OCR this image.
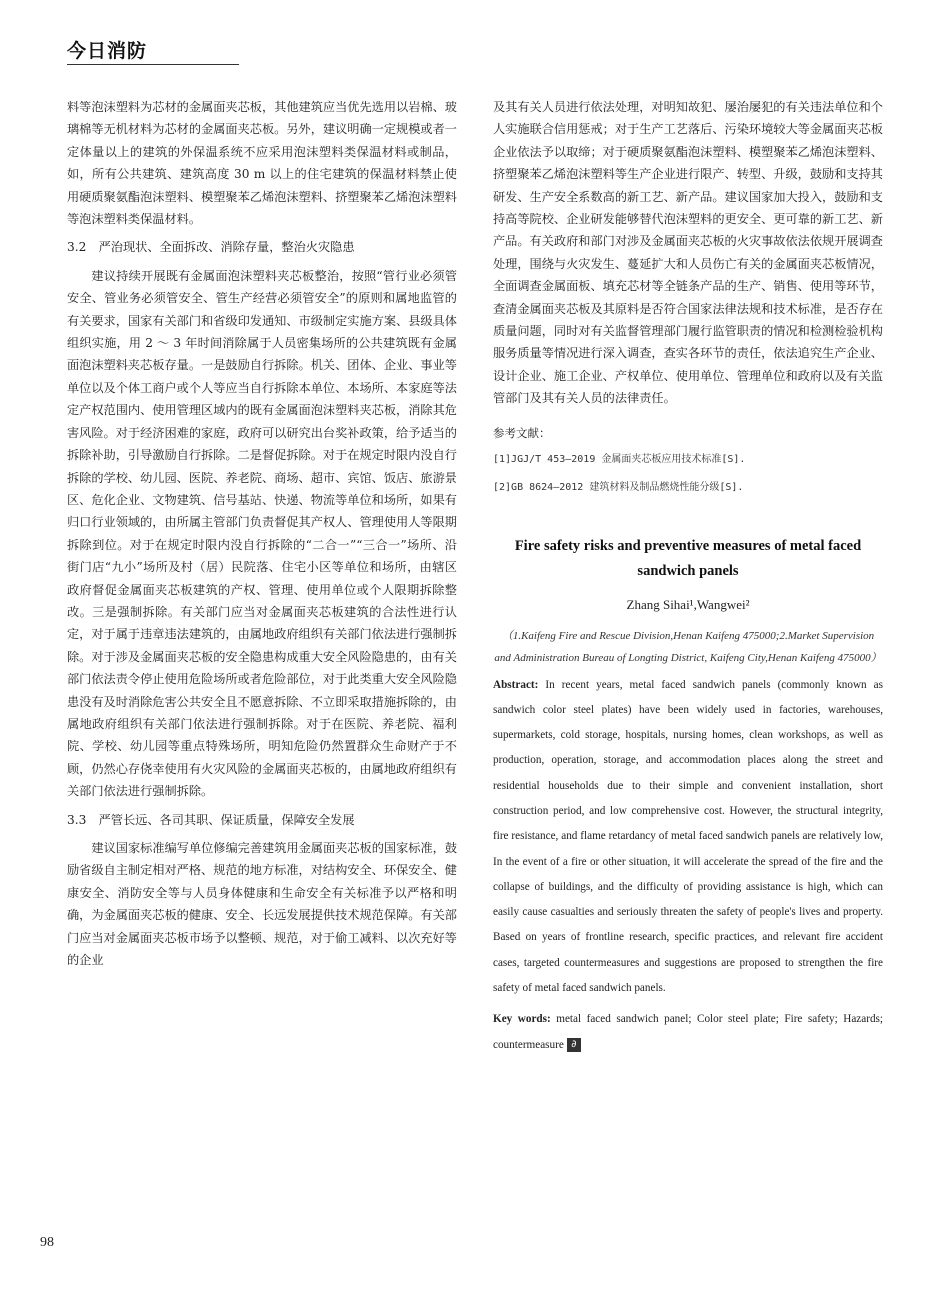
今日消防

料等泡沫塑料为芯材的金属面夹芯板，其他建筑应当优先选用以岩棉、玻璃棉等无机材料为芯材的金属面夹芯板。另外，建议明确一定规模或者一定体量以上的建筑的外保温系统不应采用泡沫塑料类保温材料或制品，如，所有公共建筑、建筑高度 30 m 以上的住宅建筑的保温材料禁止使用硬质聚氨酯泡沫塑料、模塑聚苯乙烯泡沫塑料、挤塑聚苯乙烯泡沫塑料等泡沫塑料类保温材料。

3.2　严治现状、全面拆改、消除存量，整治火灾隐患

建议持续开展既有金属面泡沫塑料夹芯板整治，按照“管行业必须管安全、管业务必须管安全、管生产经营必须管安全”的原则和属地监管的有关要求，国家有关部门和省级印发通知、市级制定实施方案、县级具体组织实施，用 2 ～ 3 年时间消除属于人员密集场所的公共建筑既有金属面泡沫塑料夹芯板存量。一是鼓励自行拆除。机关、团体、企业、事业等单位以及个体工商户或个人等应当自行拆除本单位、本场所、本家庭等法定产权范围内、使用管理区域内的既有金属面泡沫塑料夹芯板，消除其危害风险。对于经济困难的家庭，政府可以研究出台奖补政策，给予适当的拆除补助，引导激励自行拆除。二是督促拆除。对于在规定时限内没自行拆除的学校、幼儿园、医院、养老院、商场、超市、宾馆、饭店、旅游景区、危化企业、文物建筑、信号基站、快递、物流等单位和场所，如果有归口行业领域的，由所属主管部门负责督促其产权人、管理使用人等限期拆除到位。对于在规定时限内没自行拆除的“二合一”“三合一”场所、沿街门店“九小”场所及村（居）民院落、住宅小区等单位和场所，由辖区政府督促金属面夹芯板建筑的产权、管理、使用单位或个人限期拆除整改。三是强制拆除。有关部门应当对金属面夹芯板建筑的合法性进行认定，对于属于违章违法建筑的，由属地政府组织有关部门依法进行强制拆除。对于涉及金属面夹芯板的安全隐患构成重大安全风险隐患的，由有关部门依法责令停止使用危险场所或者危险部位，对于此类重大安全风险隐患没有及时消除危害公共安全且不愿意拆除、不立即采取措施拆除的，由属地政府组织有关部门依法进行强制拆除。对于在医院、养老院、福利院、学校、幼儿园等重点特殊场所，明知危险仍然置群众生命财产于不顾，仍然心存侥幸使用有火灾风险的金属面夹芯板的，由属地政府组织有关部门依法进行强制拆除。

3.3　严管长远、各司其职、保证质量，保障安全发展

建议国家标准编写单位修编完善建筑用金属面夹芯板的国家标准，鼓励省级自主制定相对严格、规范的地方标准，对结构安全、环保安全、健康安全、消防安全等与人员身体健康和生命安全有关标准予以严格和明确，为金属面夹芯板的健康、安全、长远发展提供技术规范保障。有关部门应当对金属面夹芯板市场予以整顿、规范，对于偷工减料、以次充好等的企业

及其有关人员进行依法处理，对明知故犯、屡治屡犯的有关违法单位和个人实施联合信用惩戒；对于生产工艺落后、污染环境较大等金属面夹芯板企业依法予以取缔；对于硬质聚氨酯泡沫塑料、模塑聚苯乙烯泡沫塑料、挤塑聚苯乙烯泡沫塑料等生产企业进行限产、转型、升级，鼓励和支持其研发、生产安全系数高的新工艺、新产品。建议国家加大投入，鼓励和支持高等院校、企业研发能够替代泡沫塑料的更安全、更可靠的新工艺、新产品。有关政府和部门对涉及金属面夹芯板的火灾事故依法依规开展调查处理，围绕与火灾发生、蔓延扩大和人员伤亡有关的金属面夹芯板情况，全面调查金属面板、填充芯材等全链条产品的生产、销售、使用等环节，查清金属面夹芯板及其原料是否符合国家法律法规和技术标准，是否存在质量问题，同时对有关监督管理部门履行监管职责的情况和检测检验机构服务质量等情况进行深入调查，查实各环节的责任，依法追究生产企业、设计企业、施工企业、产权单位、使用单位、管理单位和政府以及有关监管部门及其有关人员的法律责任。

参考文献：
[1]JGJ/T 453—2019 金属面夹芯板应用技术标准[S].
[2]GB 8624—2012 建筑材料及制品燃烧性能分级[S].
Fire safety risks and preventive measures of metal faced sandwich panels
Zhang Sihai¹,Wangwei²
（1.Kaifeng Fire and Rescue Division,Henan Kaifeng 475000;2.Market Supervision and Administration Bureau of Longting District, Kaifeng City,Henan Kaifeng 475000）
Abstract: In recent years, metal faced sandwich panels (commonly known as sandwich color steel plates) have been widely used in factories, warehouses, supermarkets, cold storage, hospitals, nursing homes, clean workshops, as well as production, operation, storage, and accommodation places along the street and residential households due to their simple and convenient installation, short construction period, and low comprehensive cost. However, the structural integrity, fire resistance, and flame retardancy of metal faced sandwich panels are relatively low, In the event of a fire or other situation, it will accelerate the spread of the fire and the collapse of buildings, and the difficulty of providing assistance is high, which can easily cause casualties and seriously threaten the safety of people's lives and property. Based on years of frontline research, specific practices, and relevant fire accident cases, targeted countermeasures and suggestions are proposed to strengthen the fire safety of metal faced sandwich panels.
Key words: metal faced sandwich panel; Color steel plate; Fire safety; Hazards; countermeasure ∂
98
